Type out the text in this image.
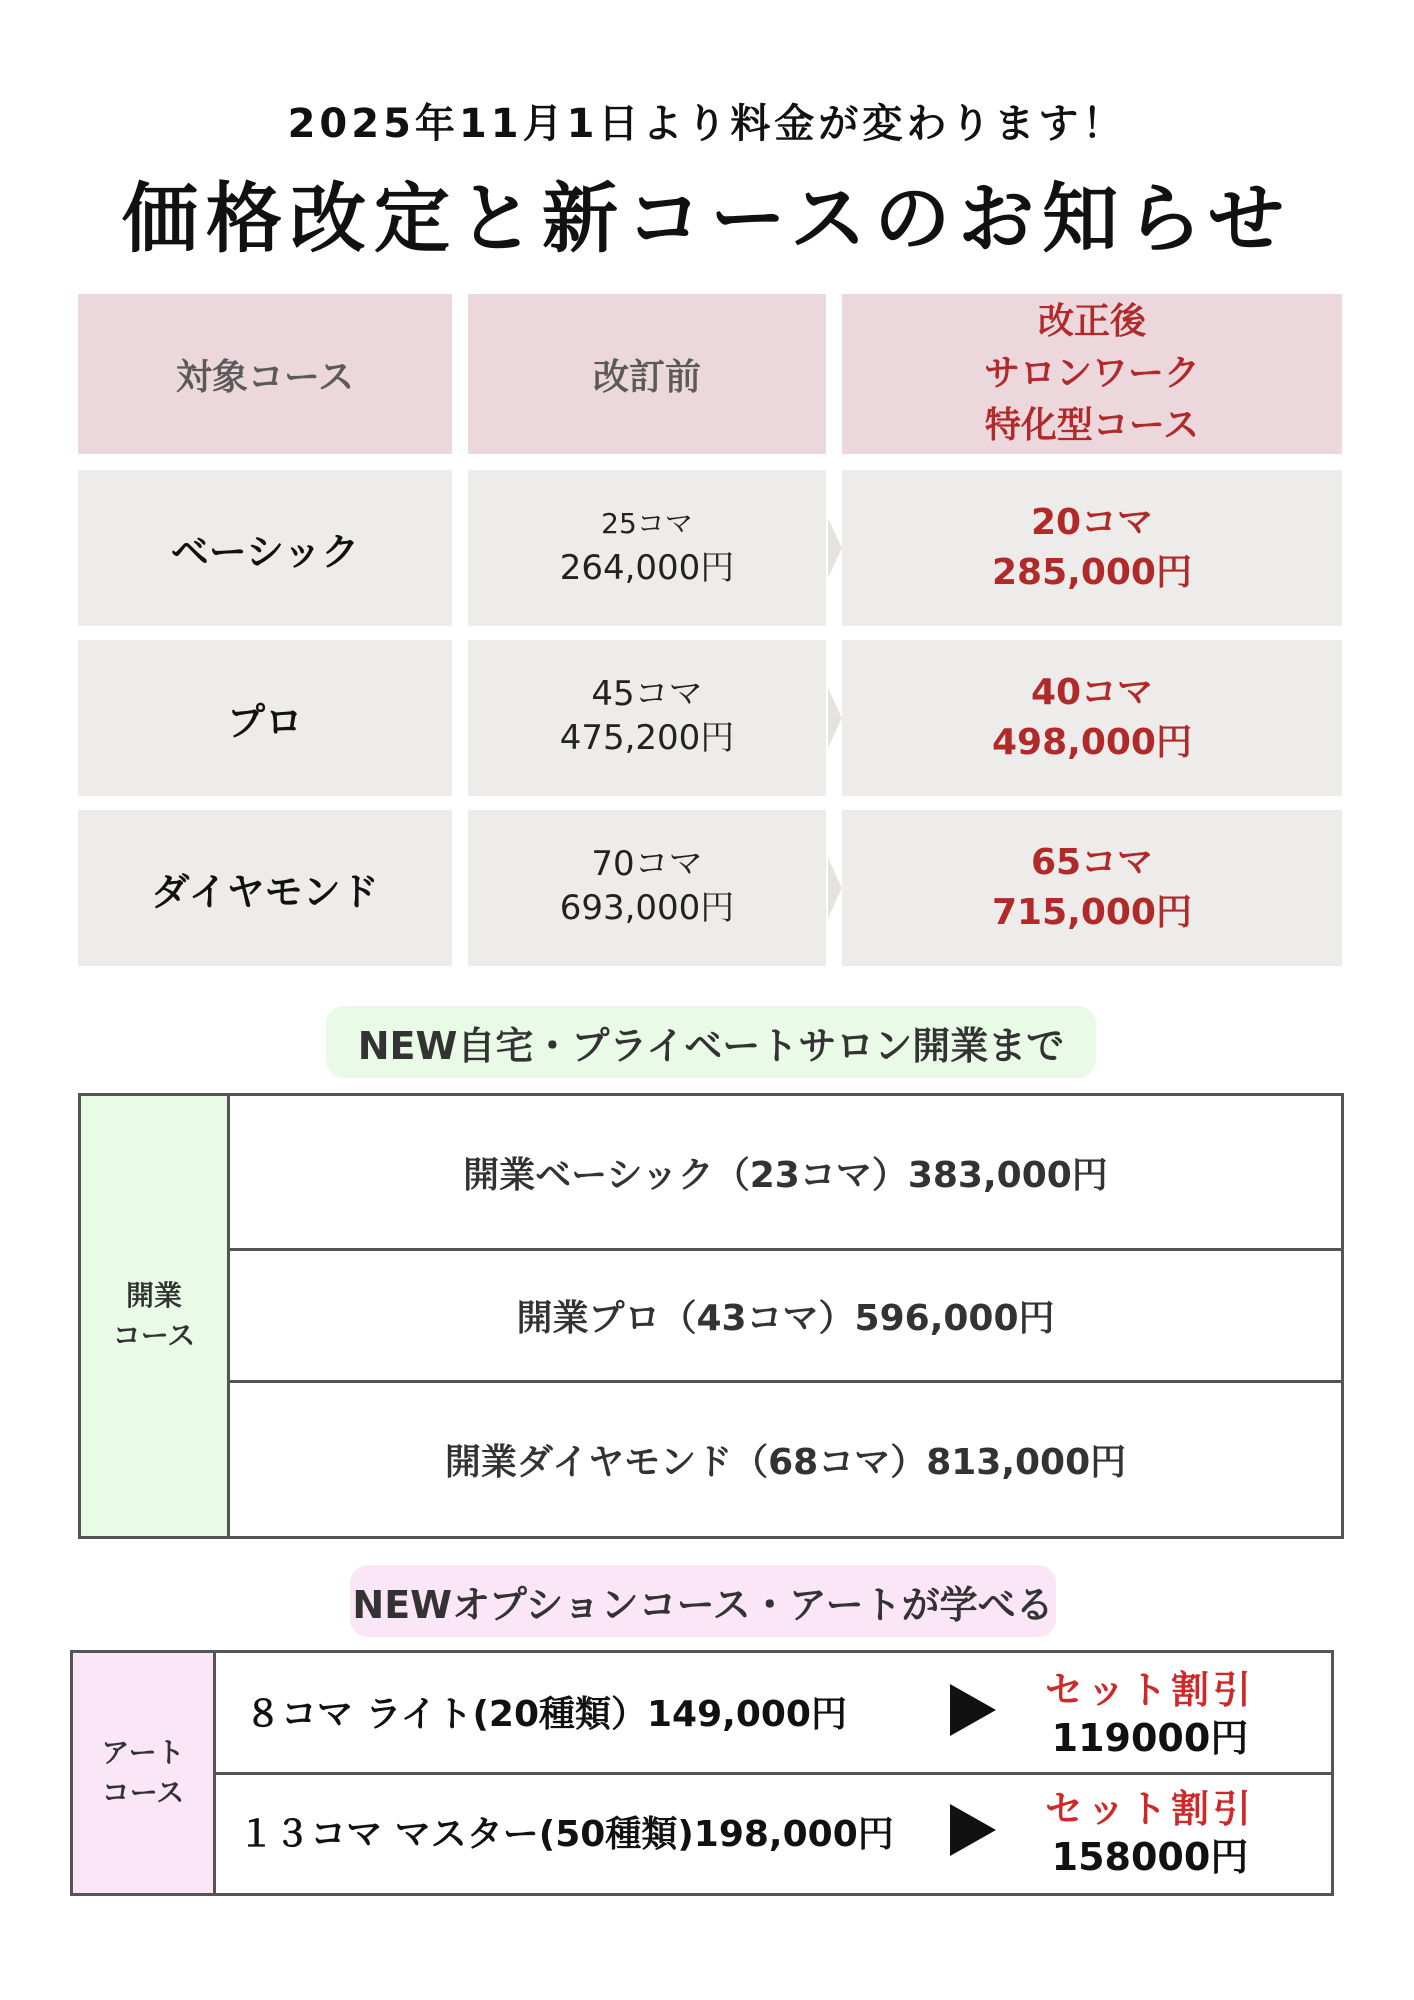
2025年11月1日より料金が変わります！
価格改定と新コースのお知らせ
対象コース	改訂前
改正後
サロンワーク
特化型コース
ベーシック
25コマ
264,000円
20コマ
285,000円
プロ
45コマ
475,200円
40コマ
498,000円
ダイヤモンド
70コマ
693,000円
65コマ
715,000円
NEW自宅・プライベートサロン開業まで
開業
コース
開業ベーシック（23コマ）383,000円
開業プロ（43コマ）596,000円
開業ダイヤモンド（68コマ）813,000円
NEWオプションコース・アートが学べる
アート
コース
８コマ ライト(20種類）149,000円
セット割引
119000円
１３コマ マスター(50種類)198,000円
セット割引
158000円
